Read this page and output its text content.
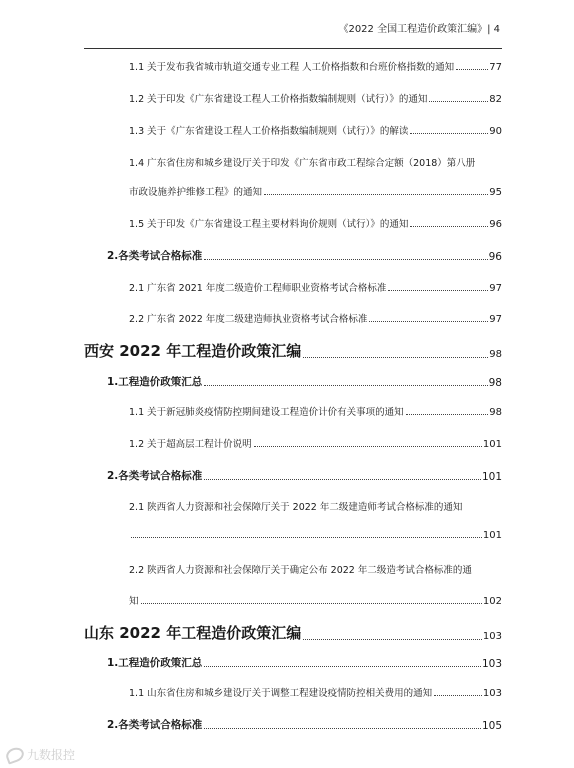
《2022 全国工程造价政策汇编》| 4
1.1 关于发布我省城市轨道交通专业工程 人工价格指数和台班价格指数的通知	77
1.2 关于印发《广东省建设工程人工价格指数编制规则（试行）》的通知	82
1.3 关于《广东省建设工程人工价格指数编制规则（试行）》的解读	90
1.4 广东省住房和城乡建设厅关于印发《广东省市政工程综合定额（2018）第八册
市政设施养护维修工程》的通知	95
1.5 关于印发《广东省建设工程主要材料询价规则（试行）》的通知	96
2.各类考试合格标准	96
2.1 广东省 2021 年度二级造价工程师职业资格考试合格标准	97
2.2 广东省 2022 年度二级建造师执业资格考试合格标准	97
西安 2022 年工程造价政策汇编	98
1.工程造价政策汇总	98
1.1 关于新冠肺炎疫情防控期间建设工程造价计价有关事项的通知	98
1.2 关于超高层工程计价说明	101
2.各类考试合格标准	101
2.1 陕西省人力资源和社会保障厅关于 2022 年二级建造师考试合格标准的通知
101
2.2 陕西省人力资源和社会保障厅关于确定公布 2022 年二级造考试合格标准的通
知	102
山东 2022 年工程造价政策汇编	103
1.工程造价政策汇总	103
1.1 山东省住房和城乡建设厅关于调整工程建设疫情防控相关费用的通知	103
2.各类考试合格标准	105
九数报控
